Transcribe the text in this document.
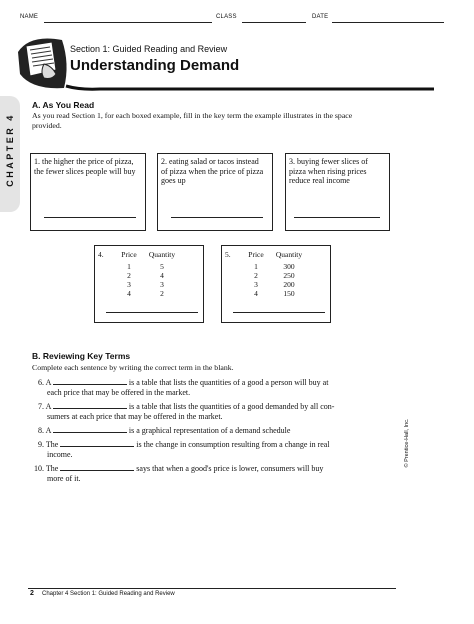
NAME	CLASS	DATE
Section 1: Guided Reading and Review
Understanding Demand
CHAPTER 4
A. As You Read
As you read Section 1, for each boxed example, fill in the key term the example illustrates in the space provided.
1. the higher the price of pizza, the fewer slices people will buy
2. eating salad or tacos instead of pizza when the price of pizza goes up
3. buying fewer slices of pizza when rising prices reduce real income
4.	Price	Quantity
1	5
2	4
3	3
4	2
5.	Price	Quantity
1	300
2	250
3	200
4	150
B. Reviewing Key Terms
Complete each sentence by writing the correct term in the blank.
6. A	is a table that lists the quantities of a good a person will buy at
each price that may be offered in the market.
7. A	is a table that lists the quantities of a good demanded by all con-
sumers at each price that may be offered in the market.
8. A	is a graphical representation of a demand schedule
9. The	is the change in consumption resulting from a change in real
income.
10. The	says that when a good's price is lower, consumers will buy
more of it.
© Prentice-Hall, Inc.
2 Chapter 4 Section 1: Guided Reading and Review
